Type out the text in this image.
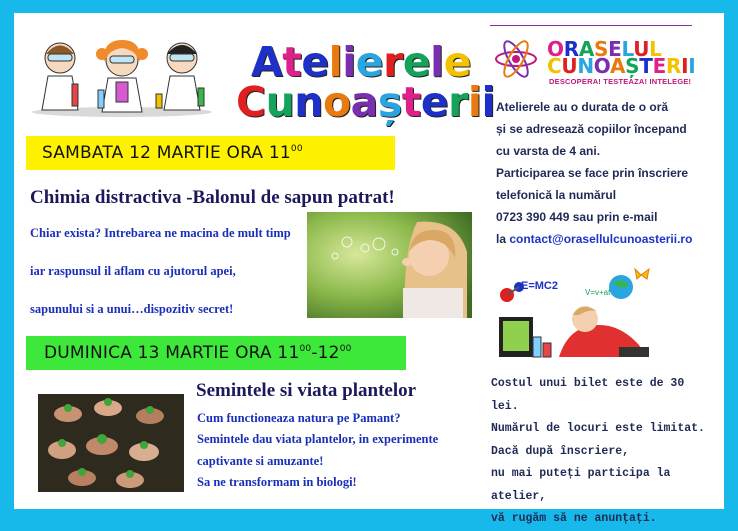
Atelierele
Cunoașterii
ORAȘELUL
CUNOAȘTERII
DESCOPERA! TESTEAZA! INTELEGE!
SAMBATA 12 MARTIE ORA $11^{00}$
Chimia distractiva -Balonul de sapun patrat!
Chiar exista? Intrebarea ne macina de mult timp
iar raspunsul il aflam cu ajutorul apei,
sapunului si a unui…dispozitiv secret!
DUMINICA 13 MARTIE ORA $11^{00}-12^{00}$
Semintele si viata plantelor
Cum functioneaza natura pe Pamant?
Semintele dau viata plantelor, in experimente
captivante si amuzante!
Sa ne transformam in biologi!
Atelierele au o durata de o oră
și se adresează copiilor începand
cu varsta de 4 ani.
Participarea se face prin înscriere
telefonică la numărul
0723 390 449 sau prin e-mail
la contact@orasellulcunoasterii.ro
E=MC2
V=v+at
Costul unui bilet este de 30 lei.
Numărul de locuri este limitat.
Dacă după înscriere,
nu mai puteți participa la atelier,
vă rugăm să ne anunțați.
